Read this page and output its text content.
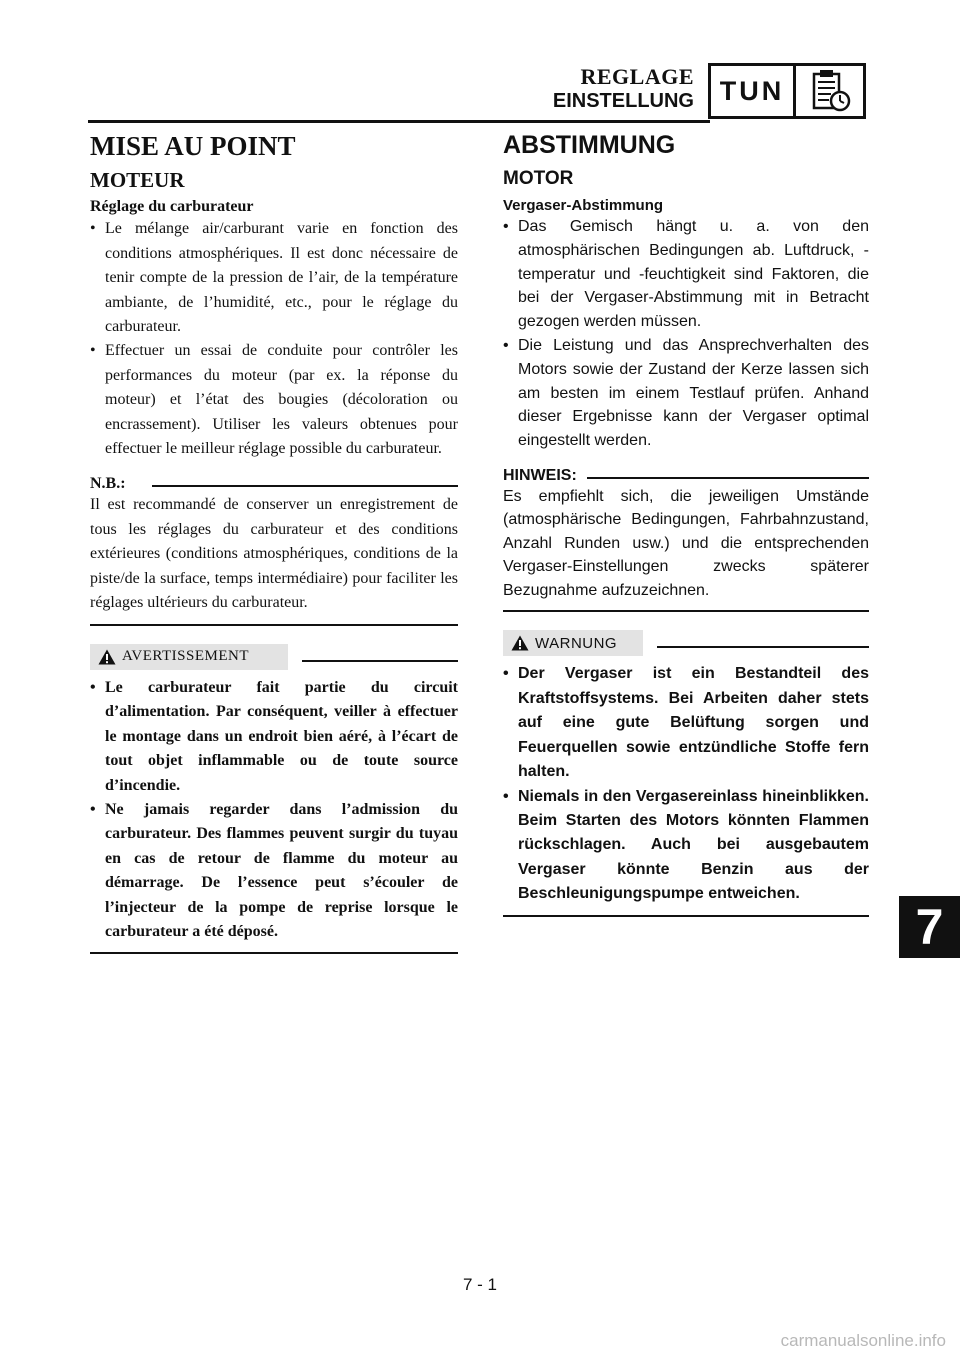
REGLAGE
EINSTELLUNG TUN
MISE AU POINT
MOTEUR
Réglage du carburateur
• Le mélange air/carburant varie en fonction des conditions atmosphériques. Il est donc nécessaire de tenir compte de la pression de l’air, de la température ambiante, de l’humidité, etc., pour le réglage du carburateur.
• Effectuer un essai de conduite pour contrôler les performances du moteur (par ex. la réponse du moteur) et l’état des bougies (décoloration ou encrassement). Utiliser les valeurs obtenues pour effectuer le meilleur réglage possible du carburateur.
N.B.:
Il est recommandé de conserver un enregistrement de tous les réglages du carburateur et des conditions extérieures (conditions atmosphériques, conditions de la piste/de la surface, temps intermédiaire) pour faciliter les réglages ultérieurs du carburateur.
AVERTISSEMENT
• Le carburateur fait partie du circuit d’alimentation. Par conséquent, veiller à effectuer le montage dans un endroit bien aéré, à l’écart de tout objet inflammable ou de toute source d’incendie.
• Ne jamais regarder dans l’admission du carburateur. Des flammes peuvent surgir du tuyau en cas de retour de flamme du moteur au démarrage. De l’essence peut s’écouler de l’injecteur de la pompe de reprise lorsque le carburateur a été déposé.
ABSTIMMUNG
MOTOR
Vergaser-Abstimmung
• Das Gemisch hängt u. a. von den atmosphärischen Bedingungen ab. Luftdruck, -temperatur und -feuchtigkeit sind Faktoren, die bei der Vergaser-Abstimmung mit in Betracht gezogen werden müssen.
• Die Leistung und das Ansprechverhalten des Motors sowie der Zustand der Kerze lassen sich am besten im einem Testlauf prüfen. Anhand dieser Ergebnisse kann der Vergaser optimal eingestellt werden.
HINWEIS:
Es empfiehlt sich, die jeweiligen Umstände (atmosphärische Bedingungen, Fahrbahnzustand, Anzahl Runden usw.) und die entsprechenden Vergaser-Einstellungen zwecks späterer Bezugnahme aufzuzeichnen.
WARNUNG
• Der Vergaser ist ein Bestandteil des Kraftstoffsystems. Bei Arbeiten daher stets auf eine gute Belüftung sorgen und Feuerquellen sowie entzündliche Stoffe fern halten.
• Niemals in den Vergasereinlass hineinblikken. Beim Starten des Motors könnten Flammen rückschlagen. Auch bei ausgebautem Vergaser könnte Benzin aus der Beschleunigungspumpe entweichen.
7
7 - 1
carmanualsonline.info
